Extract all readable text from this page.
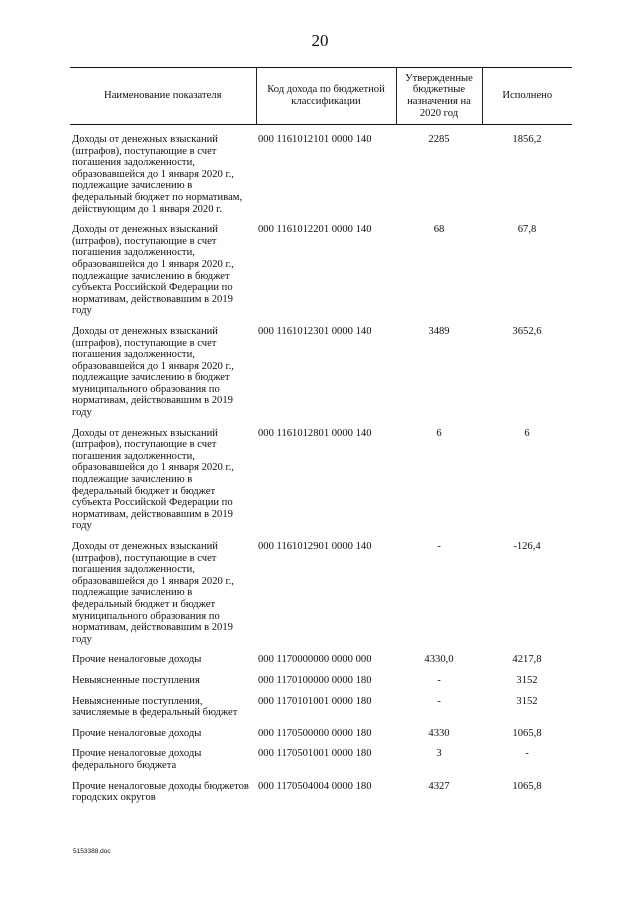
20
Наименование показателя	Код дохода по бюджетной классификации	Утвержденные бюджетные назначения на 2020 год	Исполнено
Доходы от денежных взысканий (штрафов), поступающие в счет погашения задолженности, образовавшейся до 1 января 2020 г., подлежащие зачислению в федеральный бюджет по нормативам, действующим до 1 января 2020 г.	000 1161012101 0000 140	2285	1856,2
Доходы от денежных взысканий (штрафов), поступающие в счет погашения задолженности, образовавшейся до 1 января 2020 г., подлежащие зачислению в бюджет субъекта Российской Федерации по нормативам, действовавшим в 2019 году	000 1161012201 0000 140	68	67,8
Доходы от денежных взысканий (штрафов), поступающие в счет погашения задолженности, образовавшейся до 1 января 2020 г., подлежащие зачислению в бюджет муниципального образования по нормативам, действовавшим в 2019 году	000 1161012301 0000 140	3489	3652,6
Доходы от денежных взысканий (штрафов), поступающие в счет погашения задолженности, образовавшейся до 1 января 2020 г., подлежащие зачислению в федеральный бюджет и бюджет субъекта Российской Федерации по нормативам, действовавшим в 2019 году	000 1161012801 0000 140	6	6
Доходы от денежных взысканий (штрафов), поступающие в счет погашения задолженности, образовавшейся до 1 января 2020 г., подлежащие зачислению в федеральный бюджет и бюджет муниципального образования по нормативам, действовавшим в 2019 году	000 1161012901 0000 140	-	-126,4
Прочие неналоговые доходы	000 1170000000 0000 000	4330,0	4217,8
Невыясненные поступления	000 1170100000 0000 180	-	3152
Невыясненные поступления, зачисляемые в федеральный бюджет	000 1170101001 0000 180	-	3152
Прочие неналоговые доходы	000 1170500000 0000 180	4330	1065,8
Прочие неналоговые доходы федерального бюджета	000 1170501001 0000 180	3	-
Прочие неналоговые доходы бюджетов городских округов	000 1170504004 0000 180	4327	1065,8
5153388.doc
